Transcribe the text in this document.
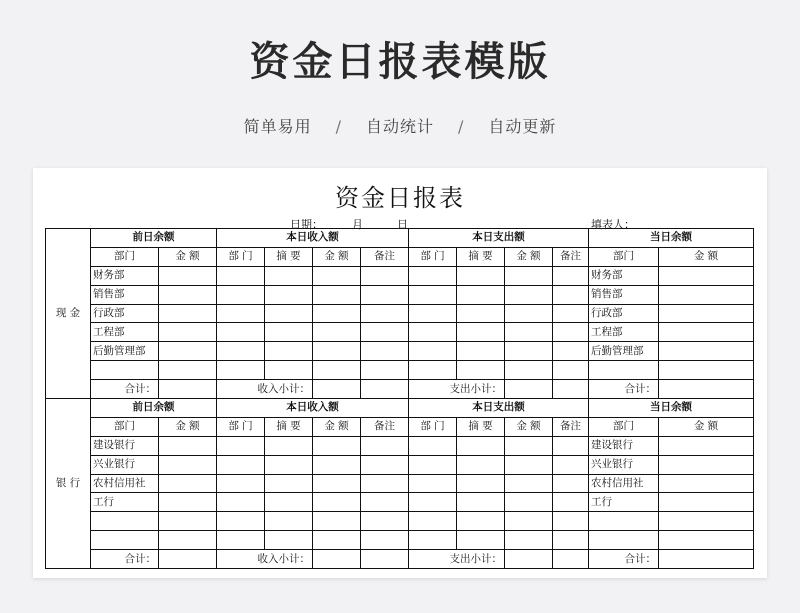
资金日报表模版
简单易用 / 自动统计 / 自动更新
资金日报表
日期：	月	日	填表人：
现 金	前日余额		本日收入额				本日支出额				当日余额	
	部门	金 额	部 门	摘 要	金 额	备注	部 门	摘 要	金 额	备注	部门	金 额
	财务部										财务部	
	销售部										销售部	
	行政部										行政部	
	工程部										工程部	
	后勤管理部										后勤管理部	

	合计：		收入小计：				支出小计：				合计：	
银 行	前日余额		本日收入额				本日支出额				当日余额	
	部门	金 额	部 门	摘 要	金 额	备注	部 门	摘 要	金 额	备注	部门	金 额
	建设银行										建设银行	
	兴业银行										兴业银行	
	农村信用社										农村信用社	
	工行										工行	

	合计：		收入小计：				支出小计：				合计：	
